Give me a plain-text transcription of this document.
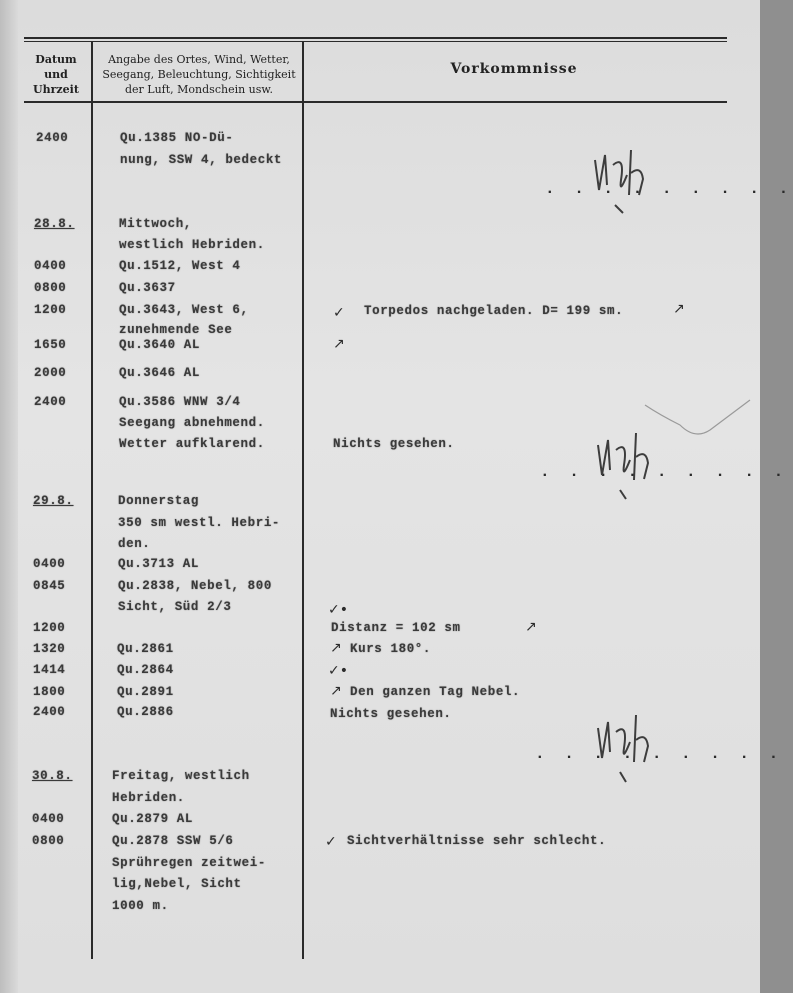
Datum
und
Uhrzeit
Angabe des Ortes, Wind, Wetter,
Seegang, Beleuchtung, Sichtigkeit
der Luft, Mondschein usw.
Vorkommnisse
2400
28.8.
0400
0800
1200
1650
2000
2400
29.8.
0400
0845
1200
1320
1414
1800
2400
30.8.
0400
0800
Qu.1385 NO-Dü-
nung, SSW 4, bedeckt
Mittwoch,
westlich Hebriden.
Qu.1512, West 4
Qu.3637
Qu.3643, West 6,
zunehmende See
Qu.3640 AL
Qu.3646 AL
Qu.3586 WNW 3/4
Seegang abnehmend.
Wetter aufklarend.
Donnerstag
350 sm westl. Hebri-
den.
Qu.3713 AL
Qu.2838, Nebel, 800
Sicht, Süd 2/3
Qu.2861
Qu.2864
Qu.2891
Qu.2886
Freitag, westlich
Hebriden.
Qu.2879 AL
Qu.2878 SSW 5/6
Sprühregen zeitwei-
lig,Nebel, Sicht
1000 m.
✓ Torpedos nachgeladen. D= 199 sm.	↗
↗
Nichts gesehen.
✓•
Distanz = 102 sm	↗
↗ Kurs 180°.
✓•
↗ Den ganzen Tag Nebel.
Nichts gesehen.
✓ Sichtverhältnisse sehr schlecht.
. . . . . . . . .
. . . . . . . . .
. . . . . . . . .
